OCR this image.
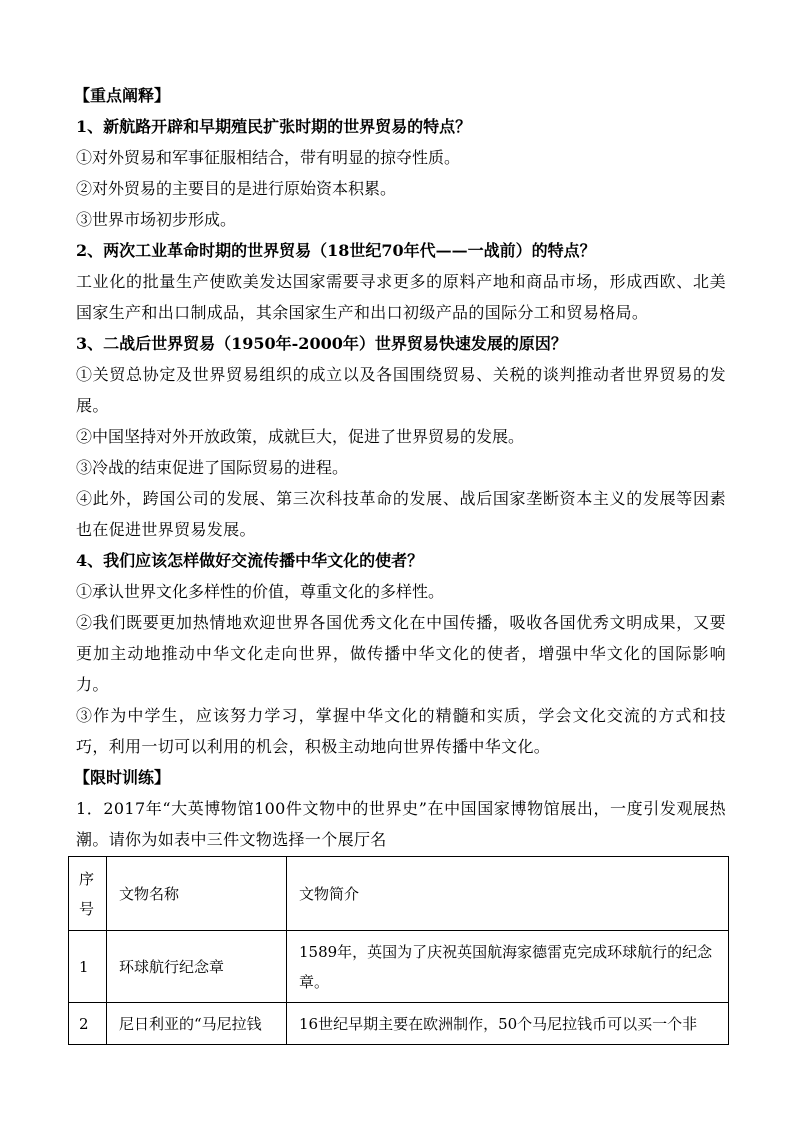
【重点阐释】
1、新航路开辟和早期殖民扩张时期的世界贸易的特点？
①对外贸易和军事征服相结合，带有明显的掠夺性质。
②对外贸易的主要目的是进行原始资本积累。
③世界市场初步形成。
2、两次工业革命时期的世界贸易（18世纪70年代——一战前）的特点？
工业化的批量生产使欧美发达国家需要寻求更多的原料产地和商品市场，形成西欧、北美国家生产和出口制成品，其余国家生产和出口初级产品的国际分工和贸易格局。
3、二战后世界贸易（1950年-2000年）世界贸易快速发展的原因？
①关贸总协定及世界贸易组织的成立以及各国围绕贸易、关税的谈判推动者世界贸易的发展。
②中国坚持对外开放政策，成就巨大，促进了世界贸易的发展。
③冷战的结束促进了国际贸易的进程。
④此外，跨国公司的发展、第三次科技革命的发展、战后国家垄断资本主义的发展等因素也在促进世界贸易发展。
4、我们应该怎样做好交流传播中华文化的使者？
①承认世界文化多样性的价值，尊重文化的多样性。
②我们既要更加热情地欢迎世界各国优秀文化在中国传播，吸收各国优秀文明成果，又要更加主动地推动中华文化走向世界，做传播中华文化的使者，增强中华文化的国际影响力。
③作为中学生，应该努力学习，掌握中华文化的精髓和实质，学会文化交流的方式和技巧，利用一切可以利用的机会，积极主动地向世界传播中华文化。
【限时训练】
1．2017年“大英博物馆100件文物中的世界史”在中国国家博物馆展出，一度引发观展热潮。请你为如表中三件文物选择一个展厅名
序号	文物名称	文物简介

1	环球航行纪念章	1589年，英国为了庆祝英国航海家德雷克完成环球航行的纪念章。

2	尼日利亚的“马尼拉钱	16世纪早期主要在欧洲制作，50个马尼拉钱币可以买一个非
